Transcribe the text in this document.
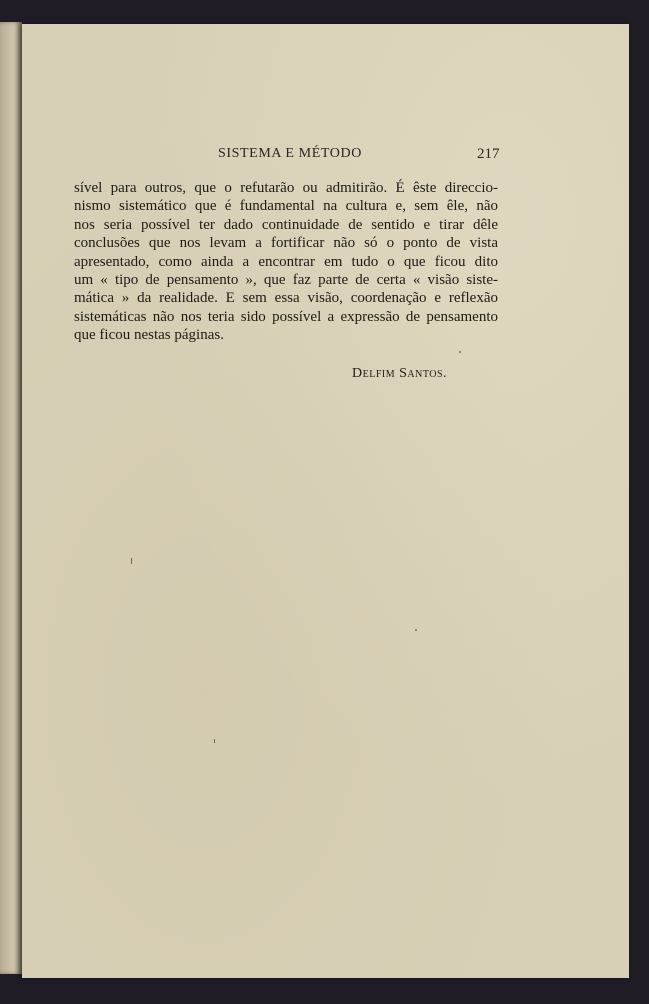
SISTEMA E MÉTODO	217
sível para outros, que o refutarão ou admitirão. É êste direccio-
nismo sistemático que é fundamental na cultura e, sem êle, não
nos seria possível ter dado continuidade de sentido e tirar dêle
conclusões que nos levam a fortificar não só o ponto de vista
apresentado, como ainda a encontrar em tudo o que ficou dito
um « tipo de pensamento », que faz parte de certa « visão siste-
mática » da realidade. E sem essa visão, coordenação e reflexão
sistemáticas não nos teria sido possível a expressão de pensamento
que ficou nestas páginas.
Delfim Santos.
